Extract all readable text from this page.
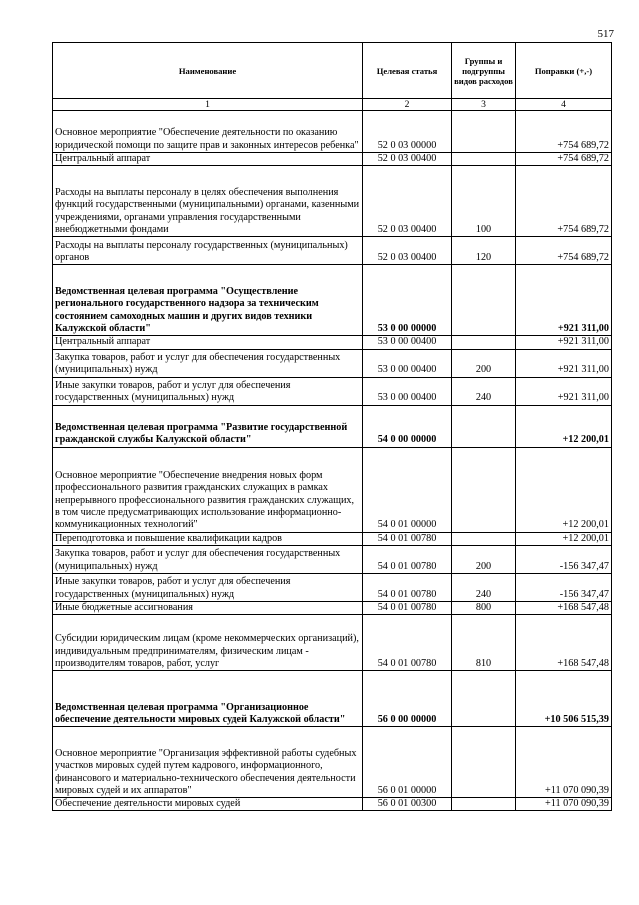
517
Наименование	Целевая статья	Группы и подгруппы видов расходов	Поправки (+,-)
1	2	3	4
Основное мероприятие "Обеспечение деятельности по оказанию юридической помощи по защите прав и законных интересов ребенка"	52 0 03 00000		+754 689,72
Центральный аппарат	52 0 03 00400		+754 689,72
Расходы на выплаты персоналу в целях обеспечения выполнения функций государственными (муниципальными) органами, казенными учреждениями, органами управления государственными внебюджетными фондами	52 0 03 00400	100	+754 689,72
Расходы на выплаты персоналу государственных (муниципальных) органов	52 0 03 00400	120	+754 689,72
Ведомственная целевая программа "Осуществление регионального государственного надзора за техническим состоянием самоходных машин и других видов техники Калужской области"	53 0 00 00000		+921 311,00
Центральный аппарат	53 0 00 00400		+921 311,00
Закупка товаров, работ и услуг для обеспечения государственных (муниципальных) нужд	53 0 00 00400	200	+921 311,00
Иные закупки товаров, работ и услуг для обеспечения государственных (муниципальных) нужд	53 0 00 00400	240	+921 311,00
Ведомственная целевая программа "Развитие государственной гражданской службы Калужской области"	54 0 00 00000		+12 200,01
Основное мероприятие "Обеспечение внедрения новых форм профессионального развития гражданских служащих в рамках непрерывного профессионального развития гражданских служащих, в том числе предусматривающих использование информационно-коммуникационных технологий"	54 0 01 00000		+12 200,01
Переподготовка и повышение квалификации кадров	54 0 01 00780		+12 200,01
Закупка товаров, работ и услуг для обеспечения государственных (муниципальных) нужд	54 0 01 00780	200	-156 347,47
Иные закупки товаров, работ и услуг для обеспечения государственных (муниципальных) нужд	54 0 01 00780	240	-156 347,47
Иные бюджетные ассигнования	54 0 01 00780	800	+168 547,48
Субсидии юридическим лицам (кроме некоммерческих организаций), индивидуальным предпринимателям, физическим лицам - производителям товаров, работ, услуг	54 0 01 00780	810	+168 547,48
Ведомственная целевая программа "Организационное обеспечение деятельности мировых судей Калужской области"	56 0 00 00000		+10 506 515,39
Основное мероприятие "Организация эффективной работы судебных участков мировых судей путем кадрового, информационного, финансового и материально-технического обеспечения деятельности мировых судей и их аппаратов"	56 0 01 00000		+11 070 090,39
Обеспечение деятельности мировых судей	56 0 01 00300		+11 070 090,39
